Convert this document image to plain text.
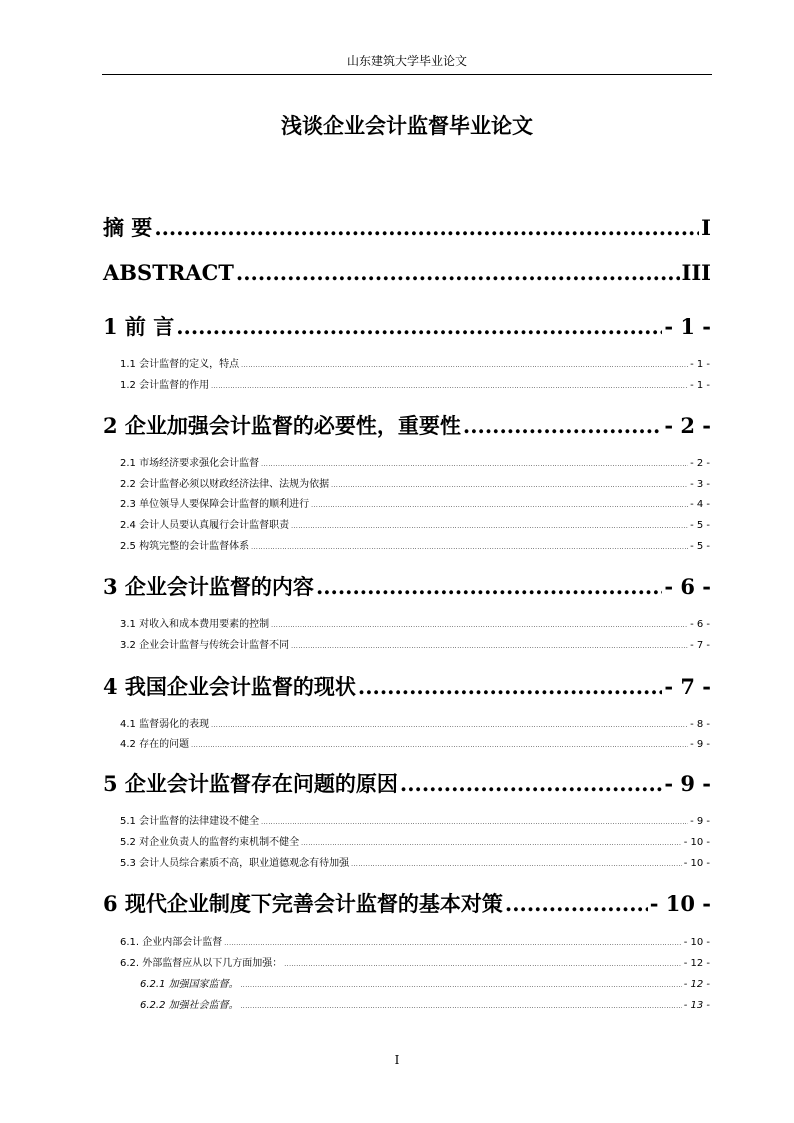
山东建筑大学毕业论文
浅谈企业会计监督毕业论文
摘 要 .....	I
ABSTRACT .....	III
1 前 言 .....	- 1 -
1.1 会计监督的定义，特点 .....	- 1 -
1.2 会计监督的作用 .....	- 1 -
2 企业加强会计监督的必要性，重要性 .....	- 2 -
2.1 市场经济要求强化会计监督 .....	- 2 -
2.2 会计监督必须以财政经济法律、法规为依据 .....	- 3 -
2.3 单位领导人要保障会计监督的顺利进行 .....	- 4 -
2.4 会计人员要认真履行会计监督职责 .....	- 5 -
2.5 构筑完整的会计监督体系 .....	- 5 -
3 企业会计监督的内容 .....	- 6 -
3.1 对收入和成本费用要素的控制 .....	- 6 -
3.2 企业会计监督与传统会计监督不同 .....	- 7 -
4 我国企业会计监督的现状 .....	- 7 -
4.1 监督弱化的表现 .....	- 8 -
4.2 存在的问题 .....	- 9 -
5 企业会计监督存在问题的原因 .....	- 9 -
5.1 会计监督的法律建设不健全 .....	- 9 -
5.2 对企业负责人的监督约束机制不健全 .....	- 10 -
5.3 会计人员综合素质不高，职业道德观念有待加强 .....	- 10 -
6 现代企业制度下完善会计监督的基本对策 .....	- 10 -
6.1. 企业内部会计监督 .....	- 10 -
6.2. 外部监督应从以下几方面加强： .....	- 12 -
6.2.1 加强国家监督。 .....	- 12 -
6.2.2 加强社会监督。 .....	- 13 -
I
